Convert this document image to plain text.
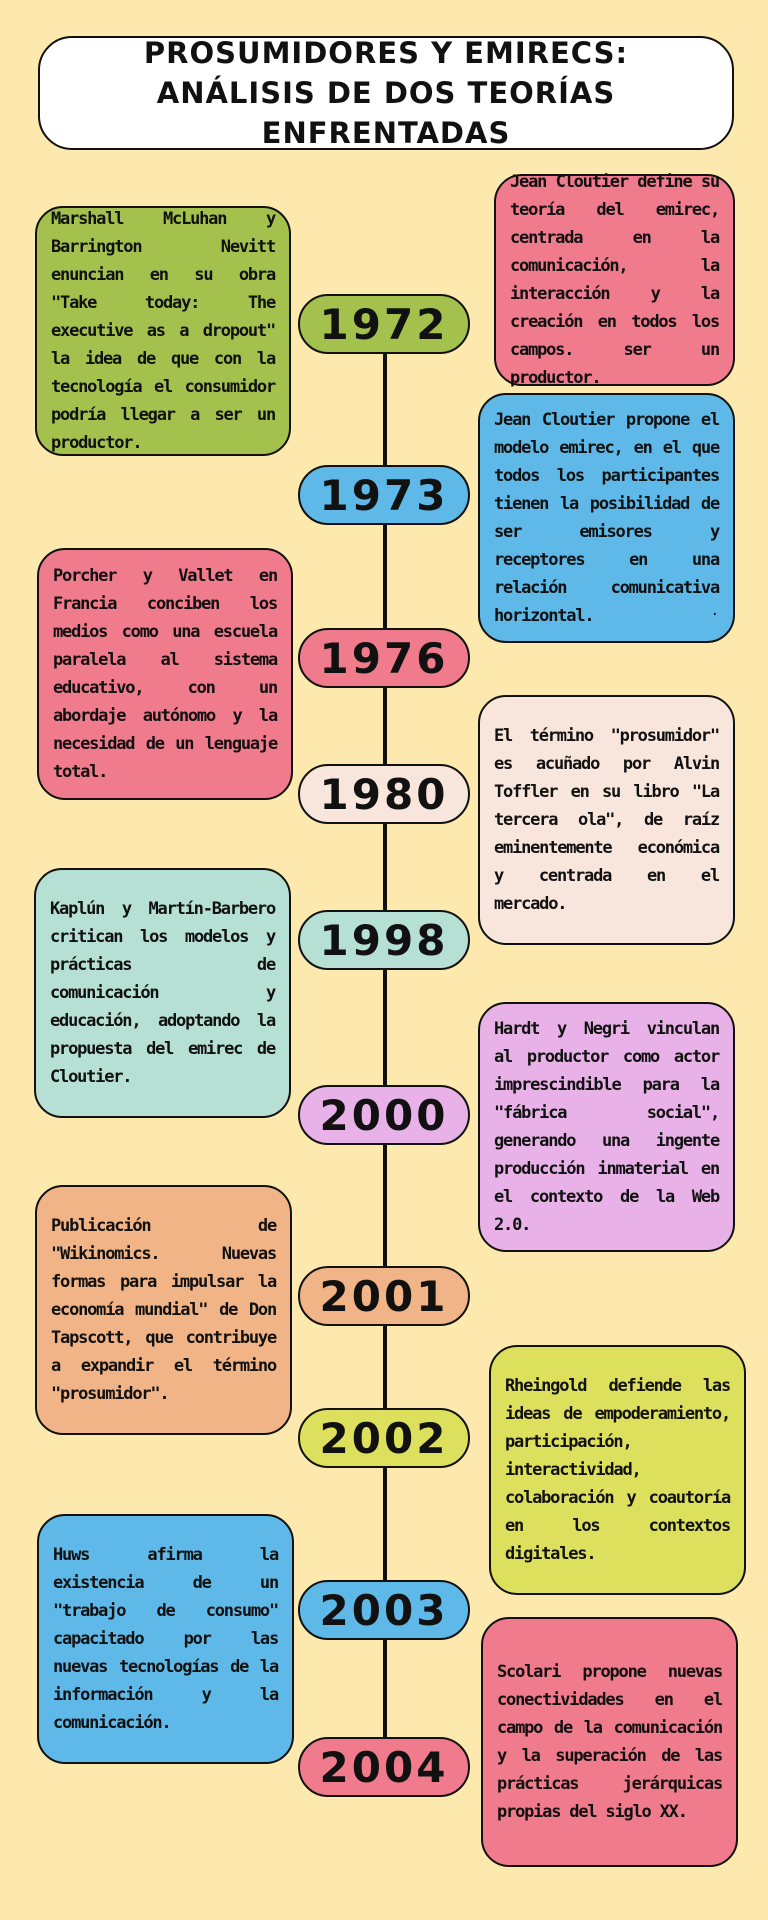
PROSUMIDORES Y EMIRECS: ANÁLISIS DE DOS TEORÍAS ENFRENTADAS
1972
1973
1976
1980
1998
2000
2001
2002
2003
2004

Marshall McLuhan y Barrington Nevitt enuncian en su obra "Take today: The executive as a dropout" la idea de que con la tecnología el consumidor podría llegar a ser un productor.

Jean Cloutier define su teoría del emirec, centrada en la comunicación, la interacción y la creación en todos los campos. ser un productor.

Jean Cloutier propone el modelo emirec, en el que todos los participantes tienen la posibilidad de ser emisores y receptores en una relación comunicativa horizontal.	.

Porcher y Vallet en Francia conciben los medios como una escuela paralela al sistema educativo, con un abordaje autónomo y la necesidad de un lenguaje total.

El término "prosumidor" es acuñado por Alvin Toffler en su libro "La tercera ola", de raíz eminentemente económica y centrada en el mercado.

Kaplún y Martín-Barbero critican los modelos y prácticas de comunicación y educación, adoptando la propuesta del emirec de Cloutier.

Hardt y Negri vinculan al productor como actor imprescindible para la "fábrica social", generando una ingente producción inmaterial en el contexto de la Web 2.0.

Publicación de "Wikinomics. Nuevas formas para impulsar la economía mundial" de Don Tapscott, que contribuye a expandir el término "prosumidor".	Rheingold defiende las ideas de empoderamiento, participación, interactividad, colaboración y coautoría en los contextos digitales.

Huws afirma la existencia de un "trabajo de consumo" capacitado por las nuevas tecnologías de la información y la comunicación.

Scolari propone nuevas conectividades en el campo de la comunicación y la superación de las prácticas jerárquicas propias del siglo XX.
